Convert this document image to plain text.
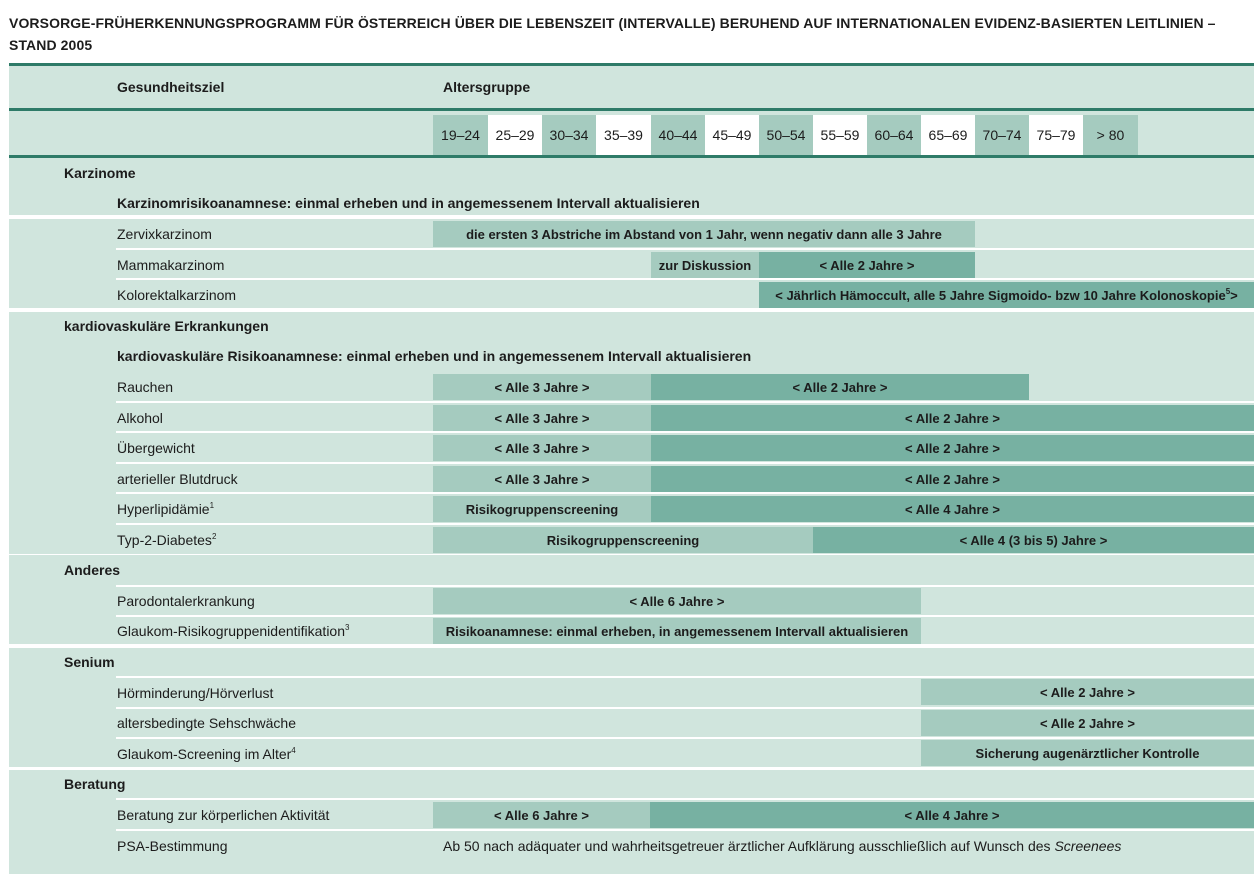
VORSORGE-FRÜHERKENNUNGSPROGRAMM FÜR ÖSTERREICH ÜBER DIE LEBENSZEIT (INTERVALLE) BERUHEND AUF INTERNATIONALEN EVIDENZ-BASIERTEN LEITLINIEN – STAND 2005
Gesundheitsziel	Altersgruppe
19–24	25–29	30–34	35–39	40–44	45–49	50–54	55–59	60–64	65–69	70–74	75–79	> 80
Karzinome
Karzinomrisikoanamnese: einmal erheben und in angemessenem Intervall aktualisieren
Zervixkarzinom	die ersten 3 Abstriche im Abstand von 1 Jahr, wenn negativ dann alle 3 Jahre
Mammakarzinom	zur Diskussion	< Alle 2 Jahre >
Kolorektalkarzinom	< Jährlich Hämoccult, alle 5 Jahre Sigmoido- bzw 10 Jahre Kolonoskopie$^5$ >
kardiovaskuläre Erkrankungen
kardiovaskuläre Risikoanamnese: einmal erheben und in angemessenem Intervall aktualisieren
Rauchen	< Alle 3 Jahre >	< Alle 2 Jahre >
Alkohol	< Alle 3 Jahre >	< Alle 2 Jahre >
Übergewicht	< Alle 3 Jahre >	< Alle 2 Jahre >
arterieller Blutdruck	< Alle 3 Jahre >	< Alle 2 Jahre >
Hyperlipidämie$^1$	Risikogruppenscreening	< Alle 4 Jahre >
Typ-2-Diabetes$^2$	Risikogruppenscreening	< Alle 4 (3 bis 5) Jahre >
Anderes
Parodontalerkrankung	< Alle 6 Jahre >
Glaukom-Risikogruppenidentifikation$^3$	Risikoanamnese: einmal erheben, in angemessenem Intervall aktualisieren
Senium
Hörminderung/Hörverlust	< Alle 2 Jahre >
altersbedingte Sehschwäche	< Alle 2 Jahre >
Glaukom-Screening im Alter$^4$	Sicherung augenärztlicher Kontrolle
Beratung
Beratung zur körperlichen Aktivität	< Alle 6 Jahre >	< Alle 4 Jahre >
PSA-Bestimmung	Ab 50 nach adäquater und wahrheitsgetreuer ärztlicher Aufklärung ausschließlich auf Wunsch des
Screenees
